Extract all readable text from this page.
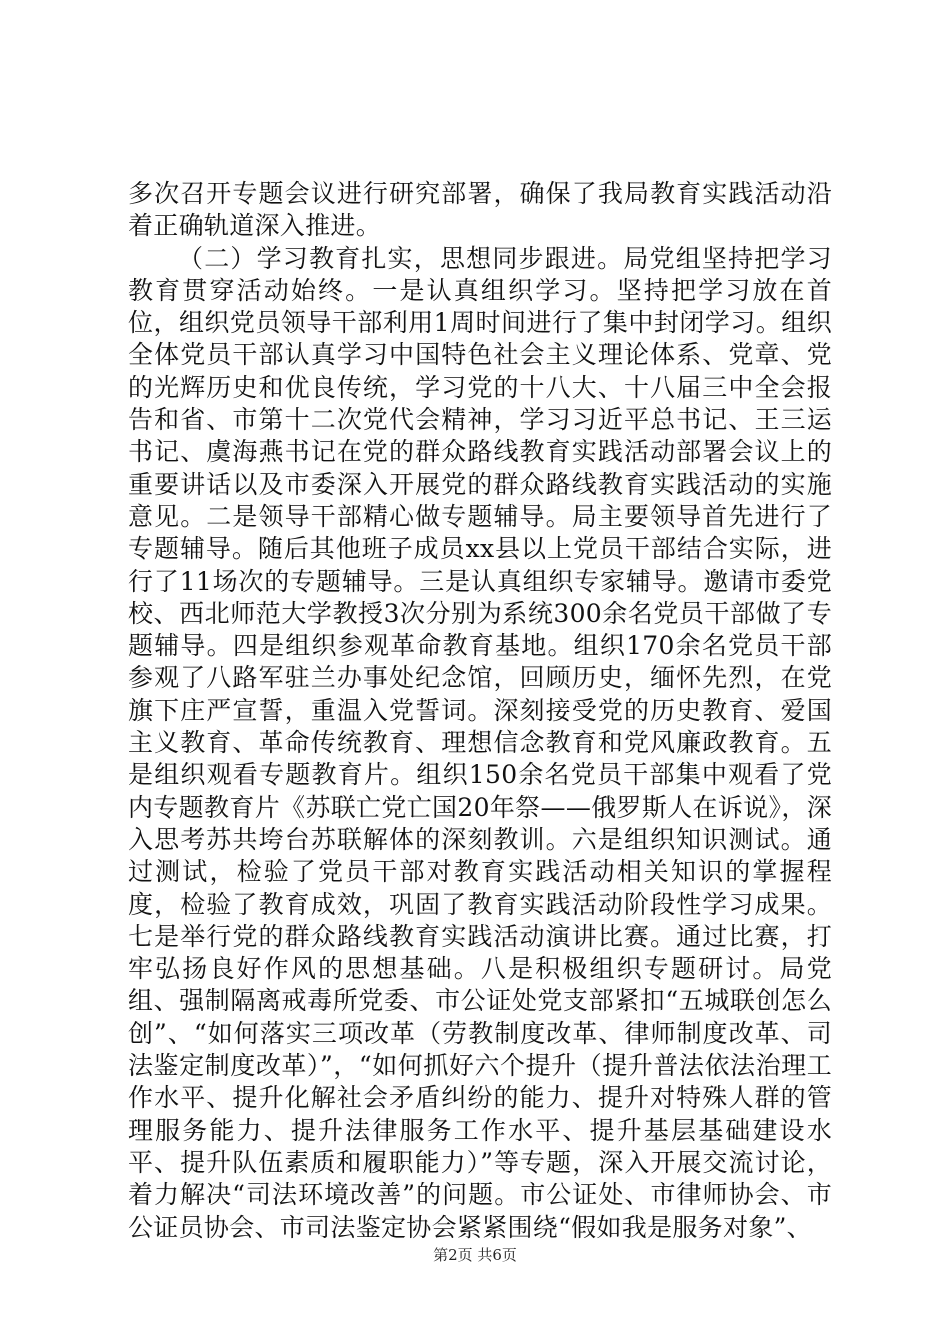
多次召开专题会议进行研究部署，确保了我局教育实践活动沿着正确轨道深入推进。

（二）学习教育扎实，思想同步跟进。局党组坚持把学习教育贯穿活动始终。一是认真组织学习。坚持把学习放在首位，组织党员领导干部利用1周时间进行了集中封闭学习。组织全体党员干部认真学习中国特色社会主义理论体系、党章、党的光辉历史和优良传统，学习党的十八大、十八届三中全会报告和省、市第十二次党代会精神，学习习近平总书记、王三运书记、虞海燕书记在党的群众路线教育实践活动部署会议上的重要讲话以及市委深入开展党的群众路线教育实践活动的实施意见。二是领导干部精心做专题辅导。局主要领导首先进行了专题辅导。随后其他班子成员xx县以上党员干部结合实际，进行了11场次的专题辅导。三是认真组织专家辅导。邀请市委党校、西北师范大学教授3次分别为系统300余名党员干部做了专题辅导。四是组织参观革命教育基地。组织170余名党员干部参观了八路军驻兰办事处纪念馆，回顾历史，缅怀先烈，在党旗下庄严宣誓，重温入党誓词。深刻接受党的历史教育、爱国主义教育、革命传统教育、理想信念教育和党风廉政教育。五是组织观看专题教育片。组织150余名党员干部集中观看了党内专题教育片《苏联亡党亡国20年祭——俄罗斯人在诉说》，深入思考苏共垮台苏联解体的深刻教训。六是组织知识测试。通过测试，检验了党员干部对教育实践活动相关知识的掌握程度，检验了教育成效，巩固了教育实践活动阶段性学习成果。七是举行党的群众路线教育实践活动演讲比赛。通过比赛，打牢弘扬良好作风的思想基础。八是积极组织专题研讨。局党组、强制隔离戒毒所党委、市公证处党支部紧扣“五城联创怎么创”、“如何落实三项改革（劳教制度改革、律师制度改革、司法鉴定制度改革）”，“如何抓好六个提升（提升普法依法治理工作水平、提升化解社会矛盾纠纷的能力、提升对特殊人群的管理服务能力、提升法律服务工作水平、提升基层基础建设水平、提升队伍素质和履职能力）”等专题，深入开展交流讨论，着力解决“司法环境改善”的问题。市公证处、市律师协会、市公证员协会、市司法鉴定协会紧紧围绕“假如我是服务对象”、

第2页 共6页
